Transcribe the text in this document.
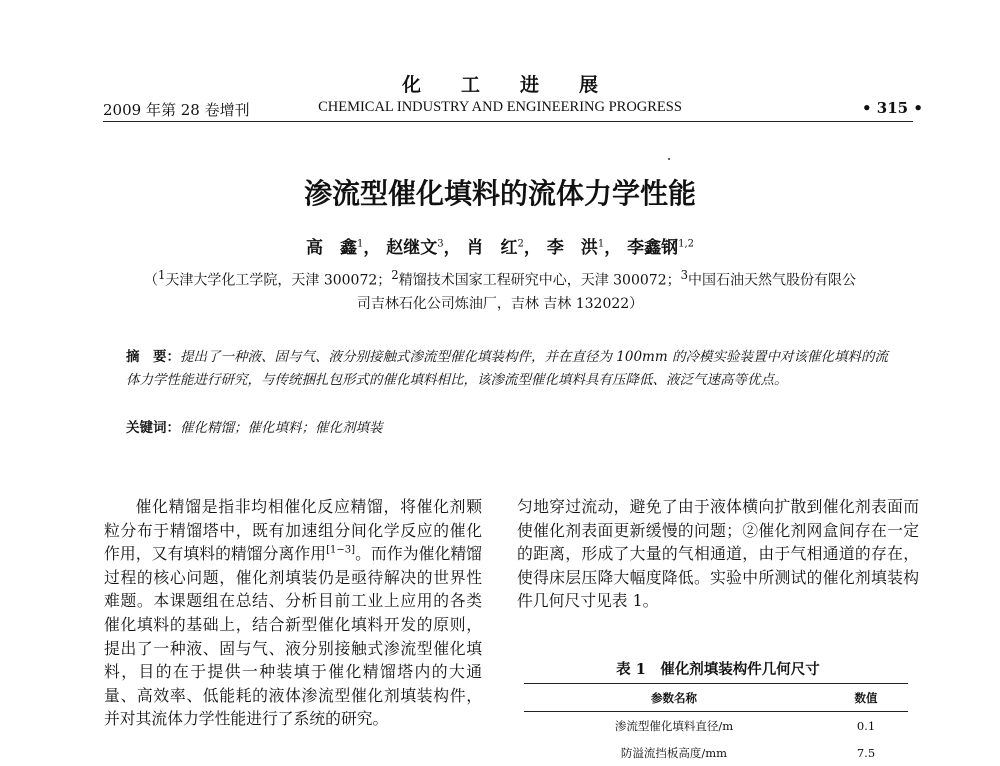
化工进展
2009 年第 28 卷增刊	CHEMICAL INDUSTRY AND ENGINEERING PROGRESS	• 315 •
渗流型催化填料的流体力学性能
高　鑫$^1$， 赵继文$^3$， 肖　红$^2$， 李　洪$^1$， 李鑫钢$^{1,2}$
（$^1$天津大学化工学院，天津 300072；$^2$精馏技术国家工程研究中心，天津 300072；$^3$中国石油天然气股份有限公
司吉林石化公司炼油厂，吉林 吉林 132022）
摘　要：提出了一种液、固与气、液分别接触式渗流型催化填装构件，并在直径为 100mm 的冷模实验装置中对该催化填料的流体力学性能进行研究，与传统捆扎包形式的催化填料相比，该渗流型催化填料具有压降低、液泛气速高等优点。
关键词：催化精馏；催化填料；催化剂填装

催化精馏是指非均相催化反应精馏，将催化剂颗粒分布于精馏塔中，既有加速组分间化学反应的催化作用，又有填料的精馏分离作用[1−3]。而作为催化精馏过程的核心问题，催化剂填装仍是亟待解决的世界性难题。本课题组在总结、分析目前工业上应用的各类催化填料的基础上，结合新型催化填料开发的原则，提出了一种液、固与气、液分别接触式渗流型催化填料，目的在于提供一种装填于催化精馏塔内的大通量、高效率、低能耗的液体渗流型催化剂填装构件，并对其流体力学性能进行了系统的研究。

匀地穿过流动，避免了由于液体横向扩散到催化剂表面而使催化剂表面更新缓慢的问题；②催化剂网盒间存在一定的距离，形成了大量的气相通道，由于气相通道的存在，使得床层压降大幅度降低。实验中所测试的催化剂填装构件几何尺寸见表 1。

表 1　催化剂填装构件几何尺寸
参数名称	数值
渗流型催化填料直径/m	0.1
防溢流挡板高度/mm	7.5
